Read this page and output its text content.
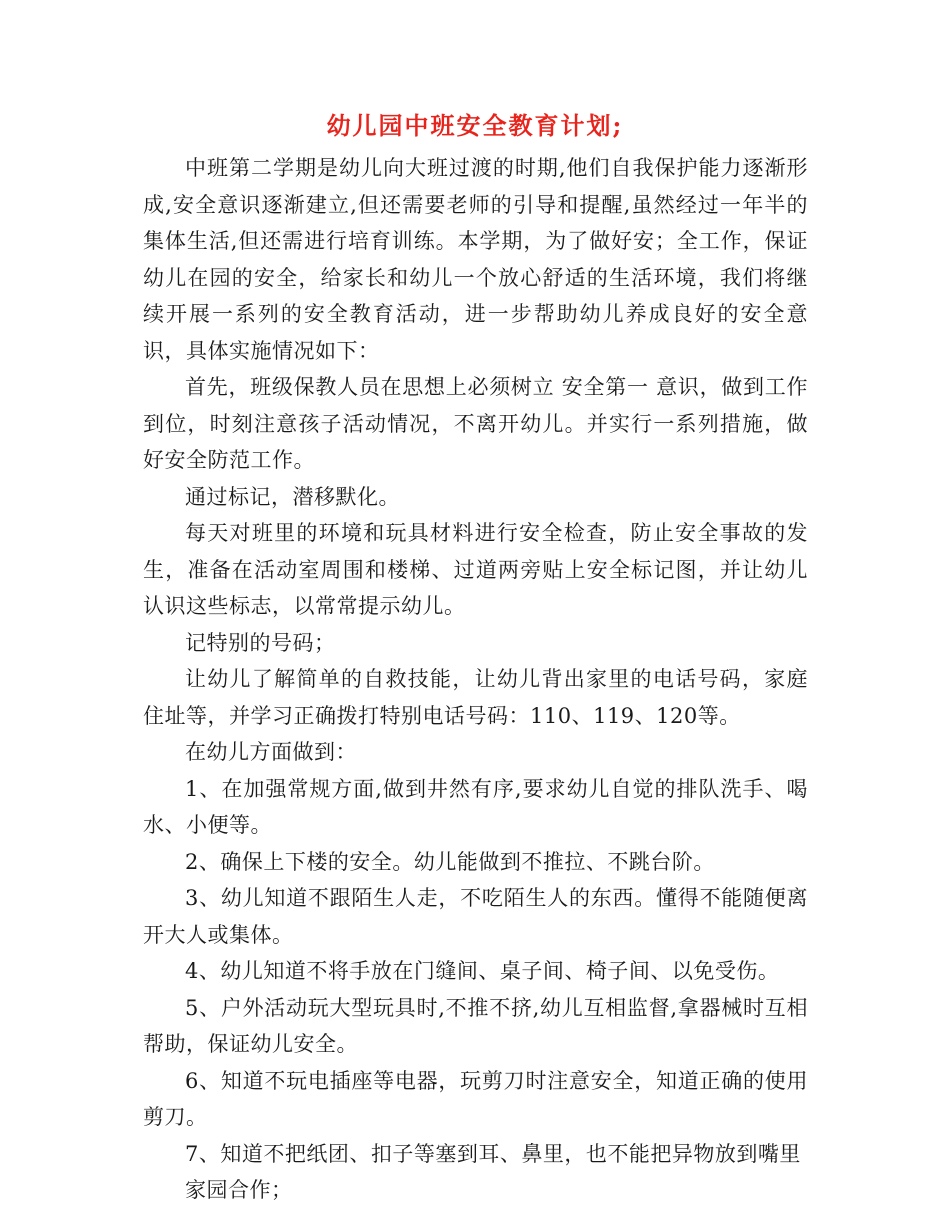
幼儿园中班安全教育计划;

中班第二学期是幼儿向大班过渡的时期,他们自我保护能力逐渐形成,安全意识逐渐建立,但还需要老师的引导和提醒,虽然经过一年半的集体生活,但还需进行培育训练。本学期，为了做好安；全工作，保证幼儿在园的安全，给家长和幼儿一个放心舒适的生活环境，我们将继续开展一系列的安全教育活动，进一步帮助幼儿养成良好的安全意识，具体实施情况如下：

首先，班级保教人员在思想上必须树立 安全第一 意识，做到工作到位，时刻注意孩子活动情况，不离开幼儿。并实行一系列措施，做好安全防范工作。

通过标记，潜移默化。

每天对班里的环境和玩具材料进行安全检查，防止安全事故的发生，准备在活动室周围和楼梯、过道两旁贴上安全标记图，并让幼儿认识这些标志，以常常提示幼儿。

记特别的号码；

让幼儿了解简单的自救技能，让幼儿背出家里的电话号码，家庭住址等，并学习正确拨打特别电话号码：110、119、120等。

在幼儿方面做到：

1、在加强常规方面,做到井然有序,要求幼儿自觉的排队洗手、喝水、小便等。

2、确保上下楼的安全。幼儿能做到不推拉、不跳台阶。

3、幼儿知道不跟陌生人走，不吃陌生人的东西。懂得不能随便离开大人或集体。

4、幼儿知道不将手放在门缝间、桌子间、椅子间、以免受伤。

5、户外活动玩大型玩具时,不推不挤,幼儿互相监督,拿器械时互相帮助，保证幼儿安全。

6、知道不玩电插座等电器，玩剪刀时注意安全，知道正确的使用剪刀。

7、知道不把纸团、扣子等塞到耳、鼻里，也不能把异物放到嘴里

家园合作；
